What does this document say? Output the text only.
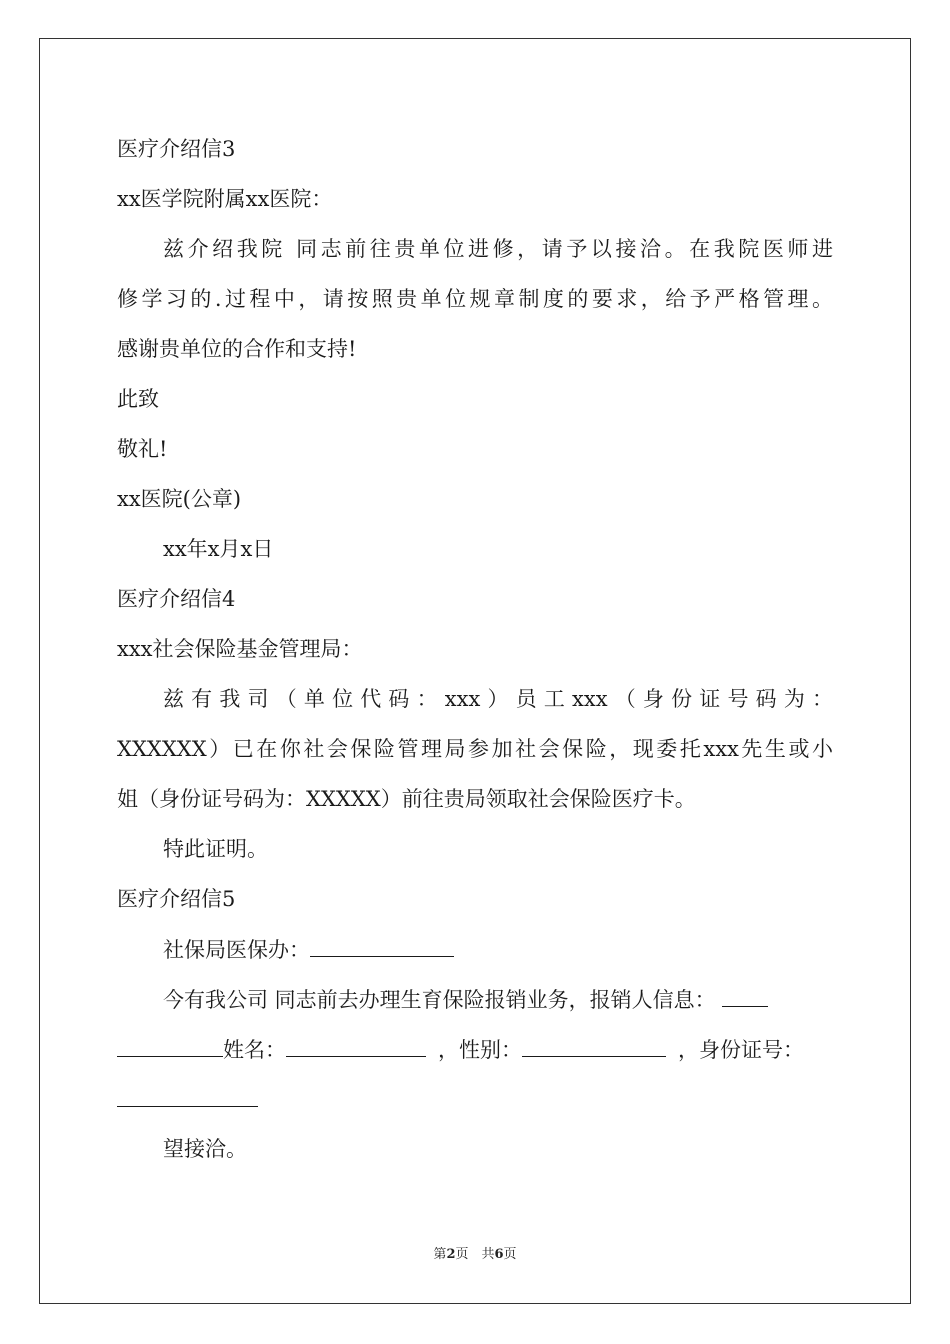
医疗介绍信3
xx医学院附属xx医院：
兹介绍我院 同志前往贵单位进修，请予以接洽。在我院医师进
修学习的.过程中，请按照贵单位规章制度的要求，给予严格管理。
感谢贵单位的合作和支持!
此致
敬礼!
xx医院(公章)
xx年x月x日
医疗介绍信4
xxx社会保险基金管理局：
兹有我司（单位代码：xxx）员工xxx（身份证号码为：
XXXXXX）已在你社会保险管理局参加社会保险，现委托xxx先生或小
姐（身份证号码为：XXXXX）前往贵局领取社会保险医疗卡。
特此证明。
医疗介绍信5
社保局医保办：
今有我公司 同志前去办理生育保险报销业务，报销人信息：
姓名：	，性别：	，身份证号：
望接洽。
第2页　共6页
